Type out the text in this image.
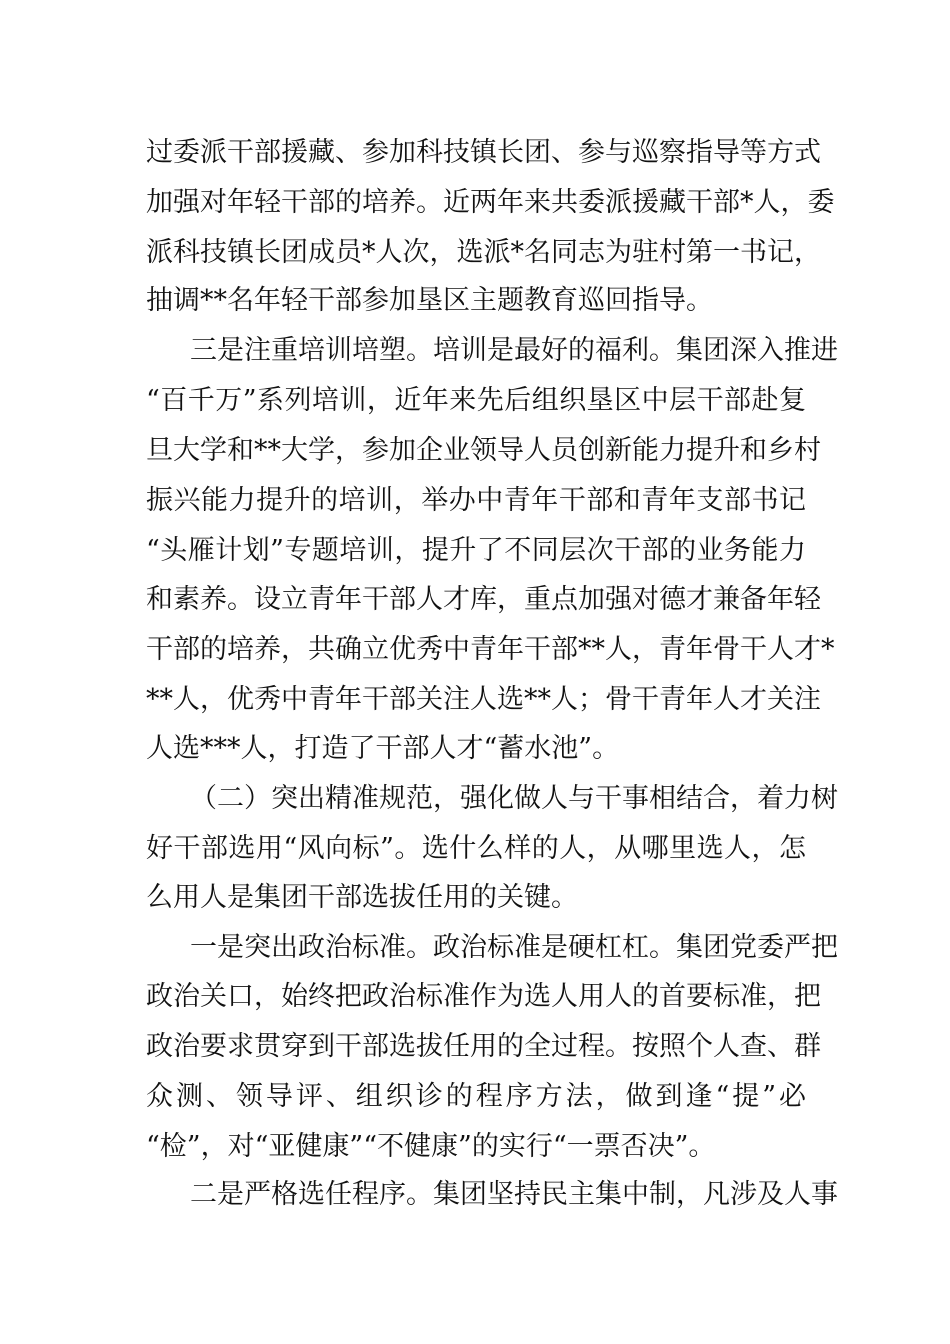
过委派干部援藏、参加科技镇长团、参与巡察指导等方式
加强对年轻干部的培养。近两年来共委派援藏干部*人，委
派科技镇长团成员*人次，选派*名同志为驻村第一书记，
抽调**名年轻干部参加垦区主题教育巡回指导。
三是注重培训培塑。培训是最好的福利。集团深入推进
“百千万”系列培训，近年来先后组织垦区中层干部赴复
旦大学和**大学，参加企业领导人员创新能力提升和乡村
振兴能力提升的培训，举办中青年干部和青年支部书记
“头雁计划”专题培训，提升了不同层次干部的业务能力
和素养。设立青年干部人才库，重点加强对德才兼备年轻
干部的培养，共确立优秀中青年干部**人，青年骨干人才*
**人，优秀中青年干部关注人选**人；骨干青年人才关注
人选***人，打造了干部人才“蓄水池”。
（二）突出精准规范，强化做人与干事相结合，着力树
好干部选用“风向标”。选什么样的人，从哪里选人，怎
么用人是集团干部选拔任用的关键。
一是突出政治标准。政治标准是硬杠杠。集团党委严把
政治关口，始终把政治标准作为选人用人的首要标准，把
政治要求贯穿到干部选拔任用的全过程。按照个人查、群
众测、领导评、组织诊的程序方法，做到逢“提”必
“检”，对“亚健康”“不健康”的实行“一票否决”。
二是严格选任程序。集团坚持民主集中制，凡涉及人事
